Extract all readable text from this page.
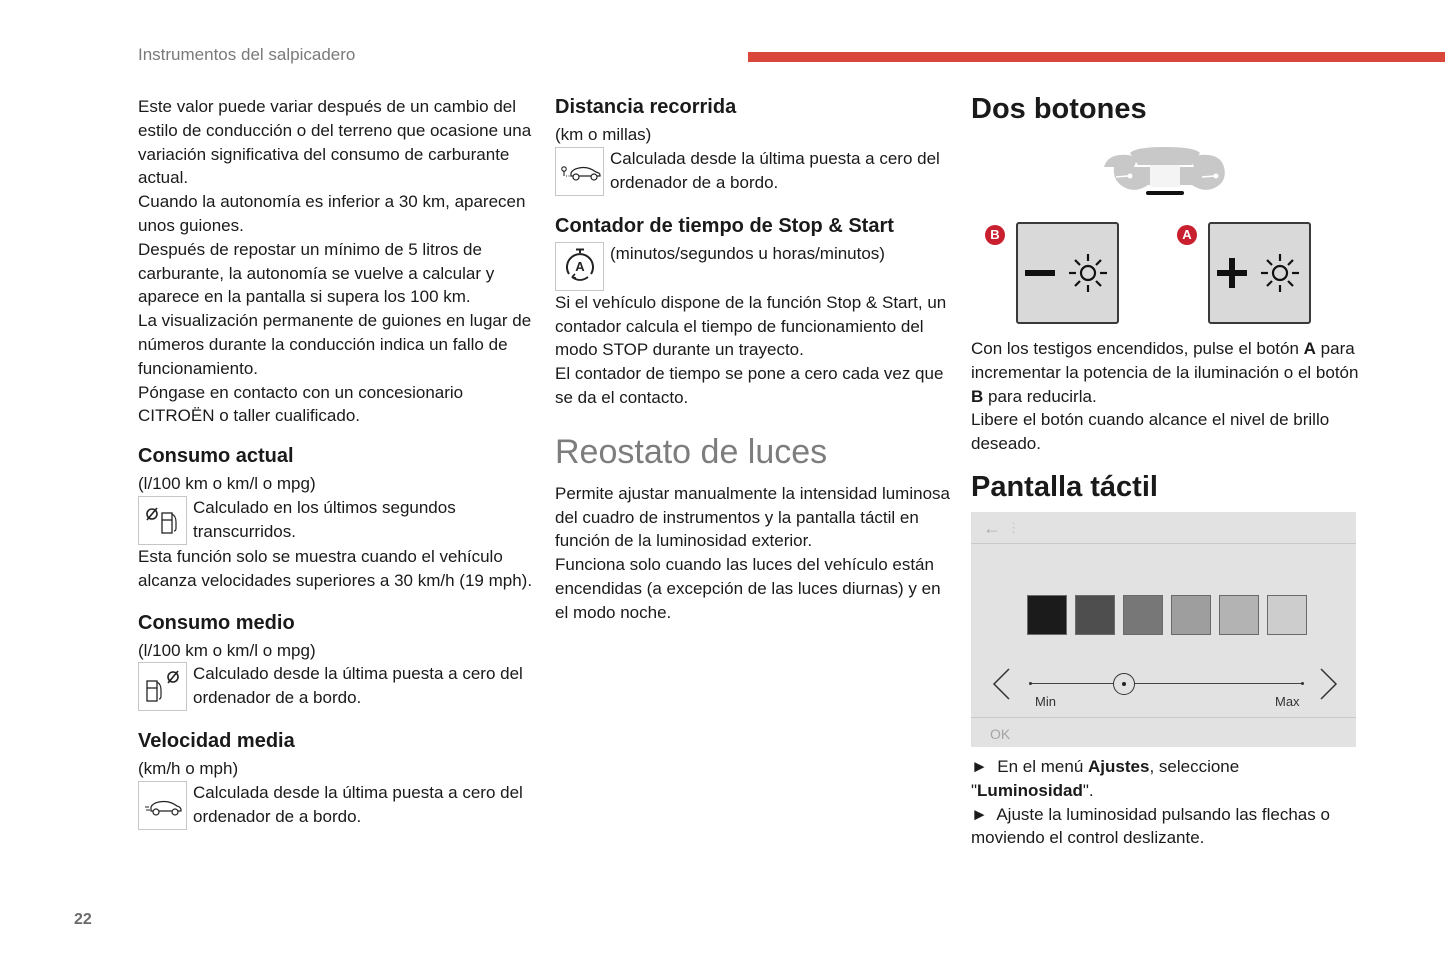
Instrumentos del salpicadero

Este valor puede variar después de un cambio del estilo de conducción o del terreno que ocasione una variación significativa del consumo de carburante actual.

Cuando la autonomía es inferior a 30 km, aparecen unos guiones.

Después de repostar un mínimo de 5 litros de carburante, la autonomía se vuelve a calcular y aparece en la pantalla si supera los 100 km.

La visualización permanente de guiones en lugar de números durante la conducción indica un fallo de funcionamiento.

Póngase en contacto con un concesionario CITROËN o taller cualificado.

Consumo actual

(l/100 km o km/l o mpg)

Calculado en los últimos segundos transcurridos.

Esta función solo se muestra cuando el vehículo alcanza velocidades superiores a 30 km/h (19 mph).

Consumo medio

(l/100 km o km/l o mpg)

Calculado desde la última puesta a cero del ordenador de a bordo.
Velocidad media

(km/h o mph)

Calculada desde la última puesta a cero del ordenador de a bordo.
Distancia recorrida

(km o millas)

Calculada desde la última puesta a cero del ordenador de a bordo.
Contador de tiempo de Stop & Start
A
(minutos/segundos u horas/minutos)

Si el vehículo dispone de la función Stop & Start, un contador calcula el tiempo de funcionamiento del modo STOP durante un trayecto.

El contador de tiempo se pone a cero cada vez que se da el contacto.

Reostato de luces

Permite ajustar manualmente la intensidad luminosa del cuadro de instrumentos y la pantalla táctil en función de la luminosidad exterior.

Funciona solo cuando las luces del vehículo están encendidas (a excepción de las luces diurnas) y en el modo noche.

Dos botones
B	A

Con los testigos encendidos, pulse el botón A para incrementar la potencia de la iluminación o el botón B para reducirla.

Libere el botón cuando alcance el nivel de brillo deseado.

Pantalla táctil
← ⋮
Min	Max
OK

► En el menú Ajustes, seleccione "Luminosidad".

► Ajuste la luminosidad pulsando las flechas o moviendo el control deslizante.

22
